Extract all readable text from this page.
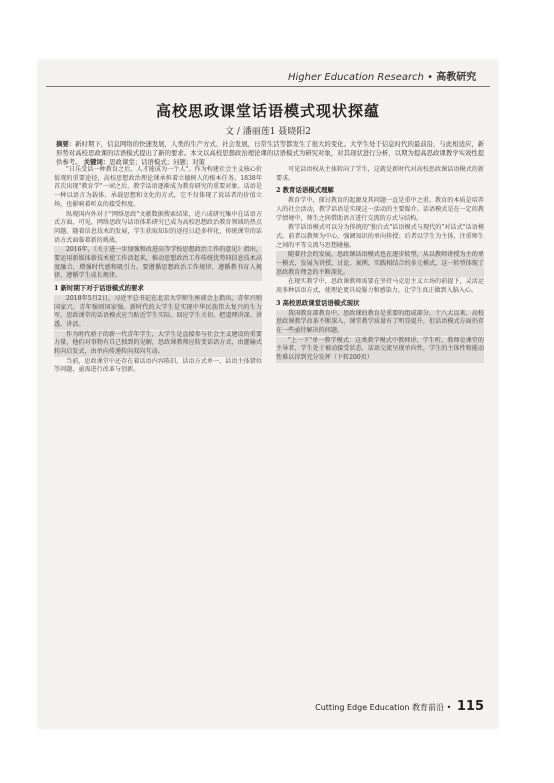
Higher Education Research • 高教研究
高校思政课堂话语模式现状探蕴
文 / 潘丽莲1 聂晓阳2
摘要：新时期下，信息网络的快速发展，人类的生产方式、社会发展，日常生活等都发生了很大的变化。大学生处于信息时代的最前沿，与此相适应，新形势对高校思政课的话语模式提出了新的要求。本文以高校思想政治理论课的话语模式为研究对象，对其现状进行分析，以期为提高思政课教学实效性提供参考。 关键词：思政课堂；话语模式；问题；对策

"日乐受话一种教育之后，人才能成为一个人"。作为构建社会主义核心价值观的重要途径，高校思想政治理论课承担着立德树人的根本任务。1838年首次出现"教育学"一词之后，教学话语逐渐成为教育研究的重要对象。话语是一种以语言为载体、承载思想和文化的方式，它不仅体现了说话者的价值立场，也影响着听众的接受程度。

纵观国内外对于"网络思政"文献数据搜索结果，近六成研究集中在话语方式方面，可见，网络思政与话语体系研究已成为高校思想政治教育领域的热点问题。随着信息技术的发展，学生获取知识的途径日趋多样化，传统课堂的话语方式面临着新的挑战。

2016年，《关于进一步加强和改进高等学校思想政治工作的意见》指出，要运用新媒体新技术使工作活起来，推动思想政治工作传统优势同信息技术高度融合，增强时代感和吸引力。要遵循思想政治工作规律，遵循教书育人规律，遵循学生成长规律。

1 新时期下对于话语模式的要求

2018年5月2日，习近平总书记在北京大学师生座谈会上指出，青年兴则国家兴，青年强则国家强。新时代的大学生是实现中华民族伟大复兴的生力军，思政课堂的话语模式应当贴近学生实际，回应学生关切，把道理讲深、讲透、讲活。

作为时代骄子的新一代青年学生，大学生是直接参与社会主义建设的重要力量，他们对事物有自己独到的见解，思政课教师应转变话语方式，由灌输式转向启发式，由单向传递转向双向互动。

当前，思政课堂中还存在着话语内容陈旧、话语方式单一、话语主体错位等问题，亟需进行改革与创新。

可见话语权从主体转向了学生，这就是新时代对高校思政课话语模式的新要求。

2 教育话语模式理解

教育学中，探讨教育的起源及其问题一直是重中之重。教育的本质是培养人的社会活动，教学话语是实现这一活动的主要媒介。话语模式是在一定的教学情境中，师生之间借助语言进行交流的方式与结构。

教学话语模式可以分为传统的"独白式"话语模式与现代的"对话式"话语模式。前者以教师为中心，强调知识的单向传授；后者以学生为主体，注重师生之间的平等交流与思想碰撞。

随着社会的发展，思政课话语模式也在逐步转型，从以教师讲授为主的单一模式，发展为讲授、讨论、案例、实践相结合的多元模式，这一转型体现了思政教育理念的不断深化。

在现实教学中，思政课教师需要在坚持马克思主义立场的前提下，灵活运用多种话语方式，使理论更具说服力和感染力，让学生真正做到入脑入心。

3 高校思政课堂话语模式现状

我国教育部教育中，思政课的教育是重要的组成部分。十八大以来，高校思政课教学改革不断深入，课堂教学质量有了明显提升，但话语模式方面仍存在一些亟待解决的问题。

"上一下"单一教学模式：这类教学模式中教师讲、学生听，教师是课堂的主导者，学生处于被动接受状态，话语交流呈现单向性，学生的主体性和能动性难以得到充分发挥（下转200页）

Cutting Edge Education 教育前沿 • 115
